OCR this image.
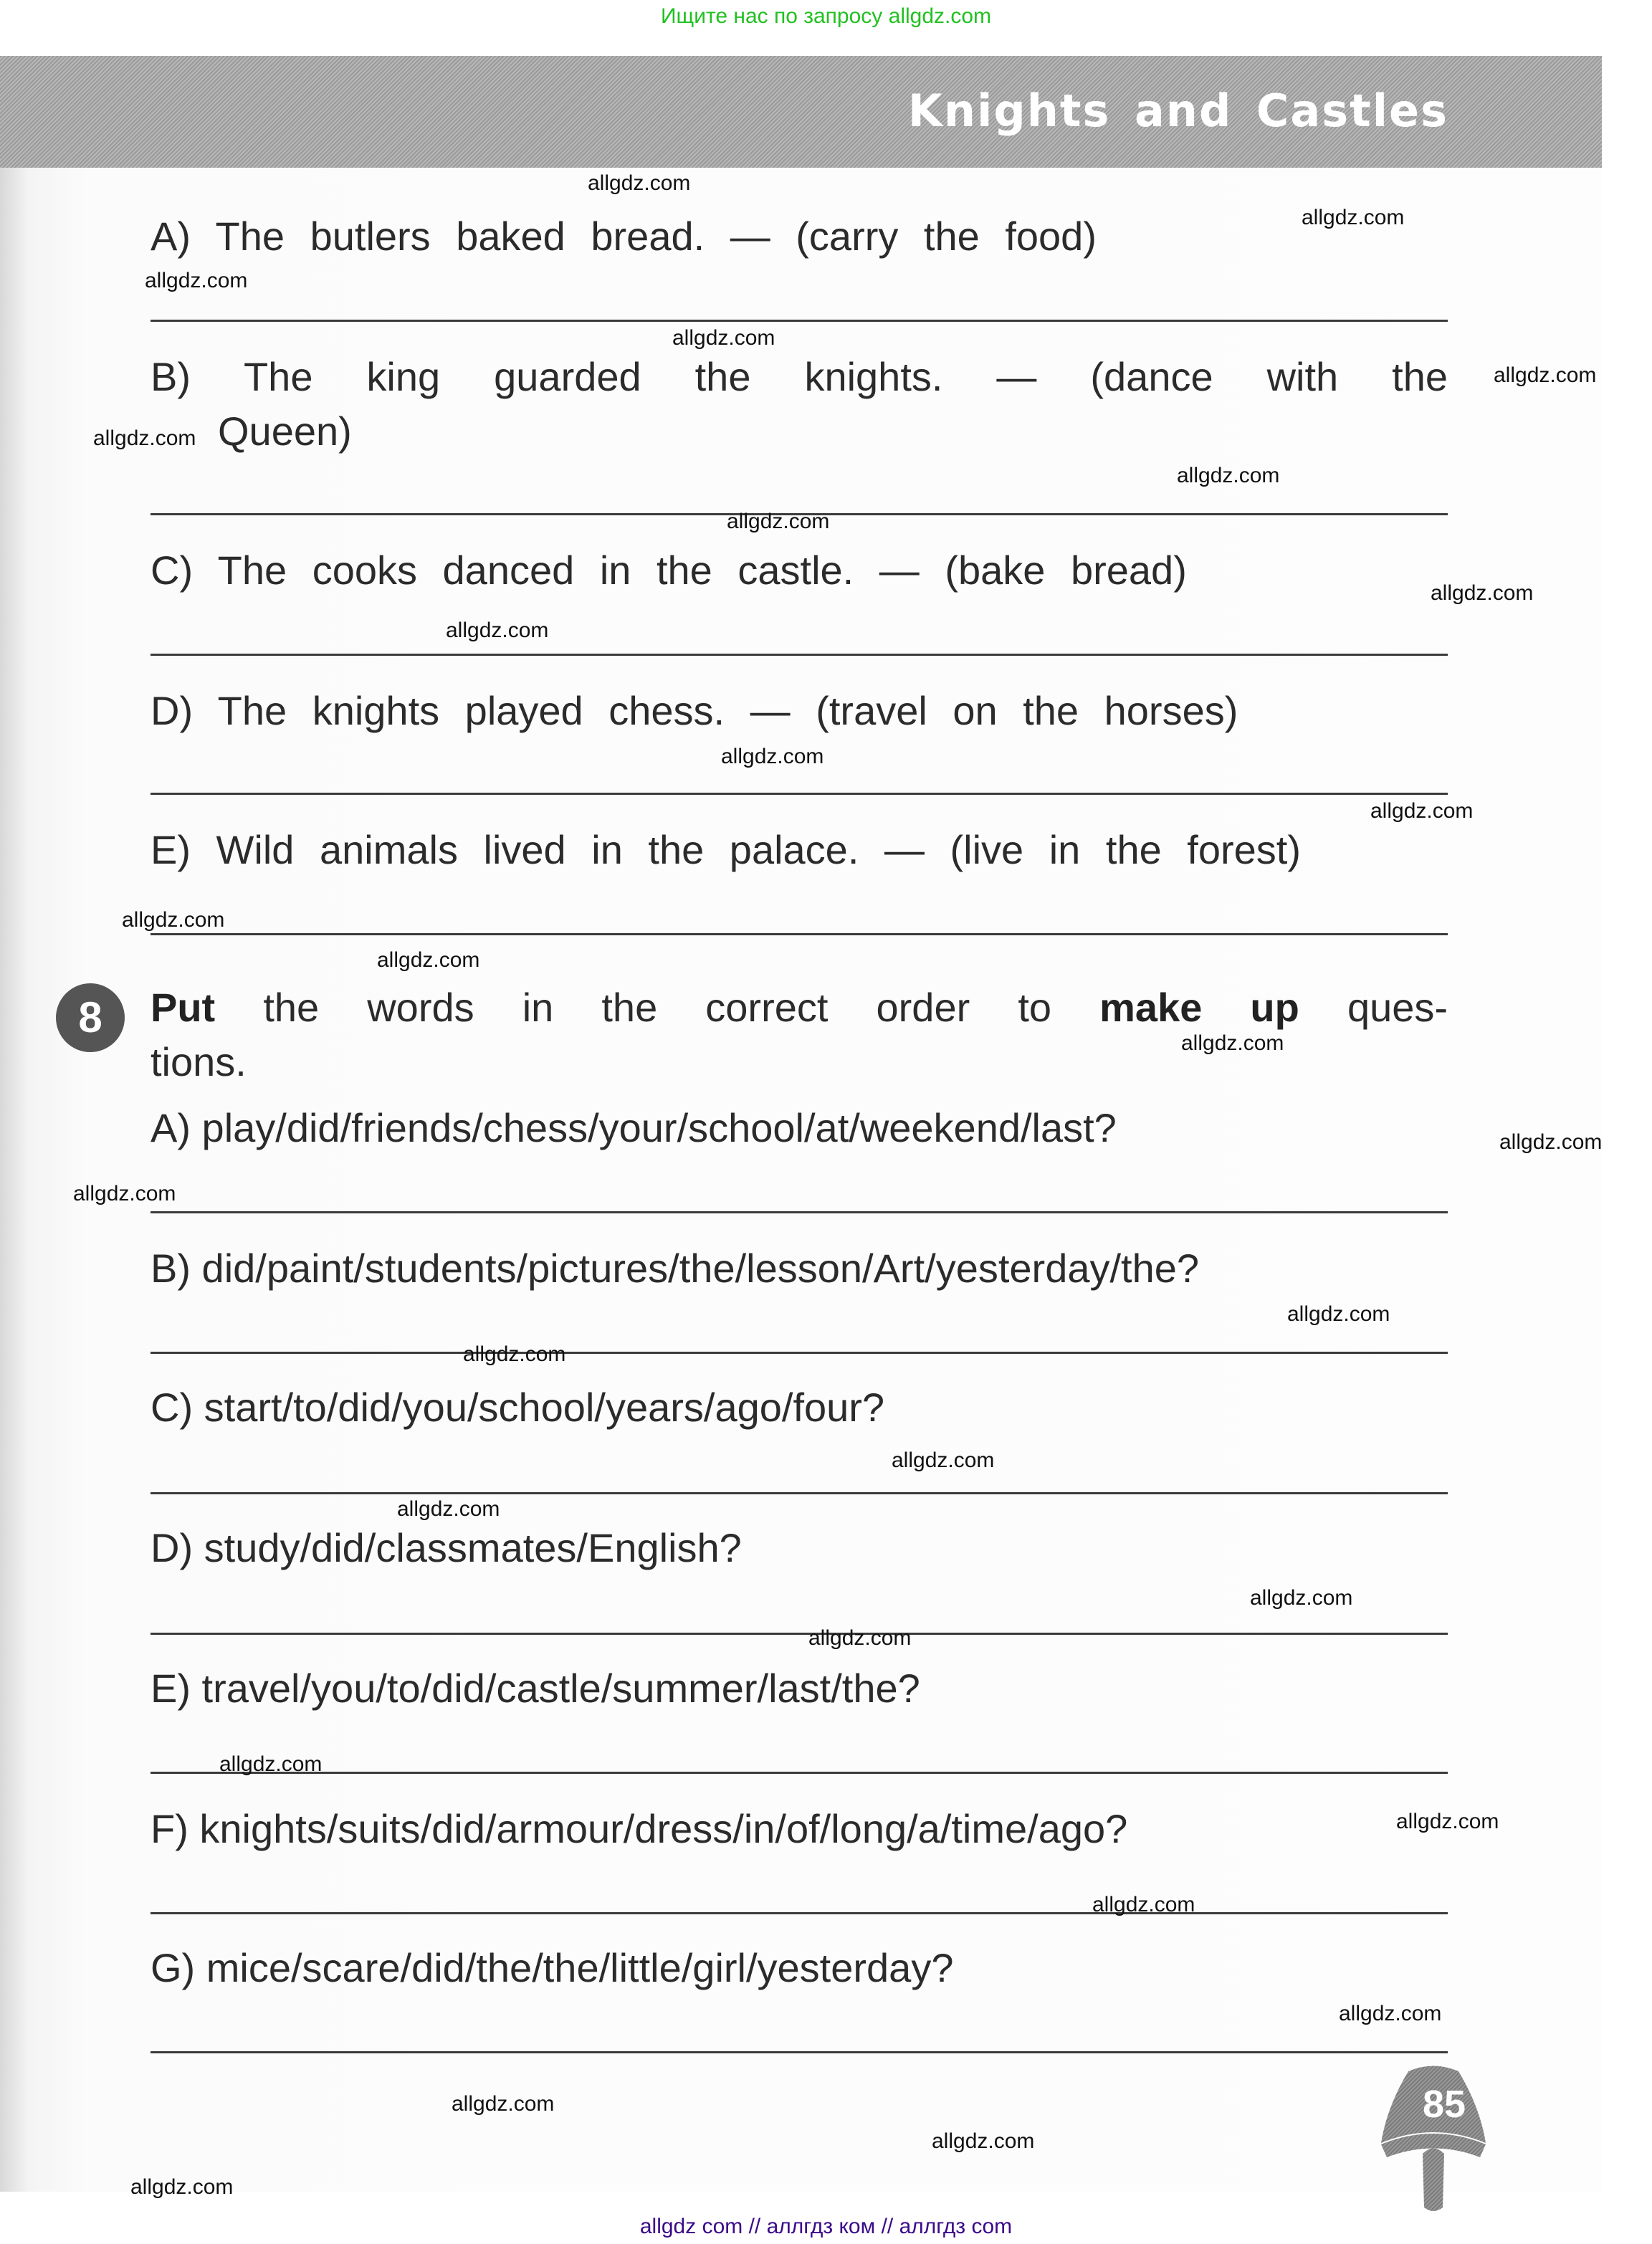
Ищите нас по запросу allgdz.com
Knights and Castles
A) The butlers baked bread. — (carry the food)
B) The king guarded the knights. — (dance with the
Queen)
C) The cooks danced in the castle. — (bake bread)
D) The knights played chess. — (travel on the horses)
E) Wild animals lived in the palace. — (live in the forest)
8	Put the words in the correct order to make up ques-
tions.
A) play/did/friends/chess/your/school/at/weekend/last?
B) did/paint/students/pictures/the/lesson/Art/yesterday/the?
C) start/to/did/you/school/years/ago/four?
D) study/did/classmates/English?
E) travel/you/to/did/castle/summer/last/the?
F) knights/suits/did/armour/dress/in/of/long/a/time/ago?
G) mice/scare/did/the/the/little/girl/yesterday?
85
allgdz.com
allgdz.com
allgdz.com
allgdz.com
allgdz.com
allgdz.com
allgdz.com
allgdz.com
allgdz.com
allgdz.com
allgdz.com
allgdz.com
allgdz.com
allgdz.com
allgdz.com
allgdz.com
allgdz.com
allgdz.com
allgdz.com
allgdz.com
allgdz.com
allgdz.com
allgdz.com
allgdz.com
allgdz.com
allgdz.com
allgdz.com
allgdz.com
allgdz.com
allgdz.com
allgdz com // аллгдз ком // аллгдз com
